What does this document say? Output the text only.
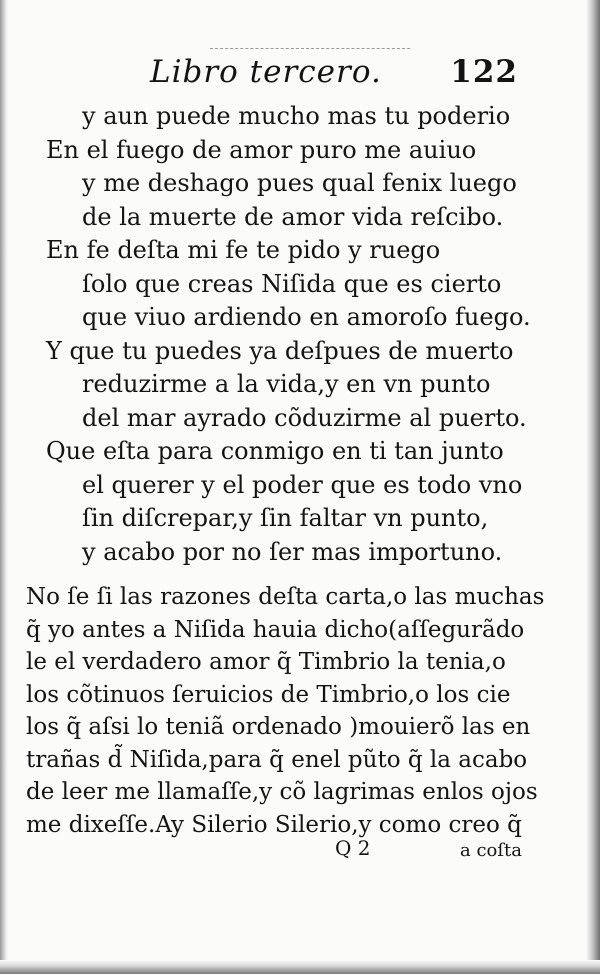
Libro tercero. 122
y aun puede mucho mas tu poderio
En el fuego de amor puro me auiuo
y me deshago pues qual fenix luego
de la muerte de amor vida reſcibo.
En fe deſta mi fe te pido y ruego
ſolo que creas Niſida que es cierto
que viuo ardiendo en amoroſo fuego.
Y que tu puedes ya deſpues de muerto
reduzirme a la vida,y en vn punto
del mar ayrado cõduzirme al puerto.
Que eſta para conmigo en ti tan junto
el querer y el poder que es todo vno
ſin diſcrepar,y ſin faltar vn punto,
y acabo por no ſer mas importuno.
No ſe ſi las razones deſta carta,o las muchas
q̃ yo antes a Niſida hauia dicho(aſſegurãdo
le el verdadero amor q̃ Timbrio la tenia,o
los cõtinuos ſeruicios de Timbrio,o los cie
los q̃ aſsi lo teniã ordenado )mouierõ las en
trañas d̃ Niſida,para q̃ enel pũto q̃ la acabo
de leer me llamaſſe,y cõ lagrimas enlos ojos
me dixeſſe.Ay Silerio Silerio,y como creo q̃
Q 2	a coſta
